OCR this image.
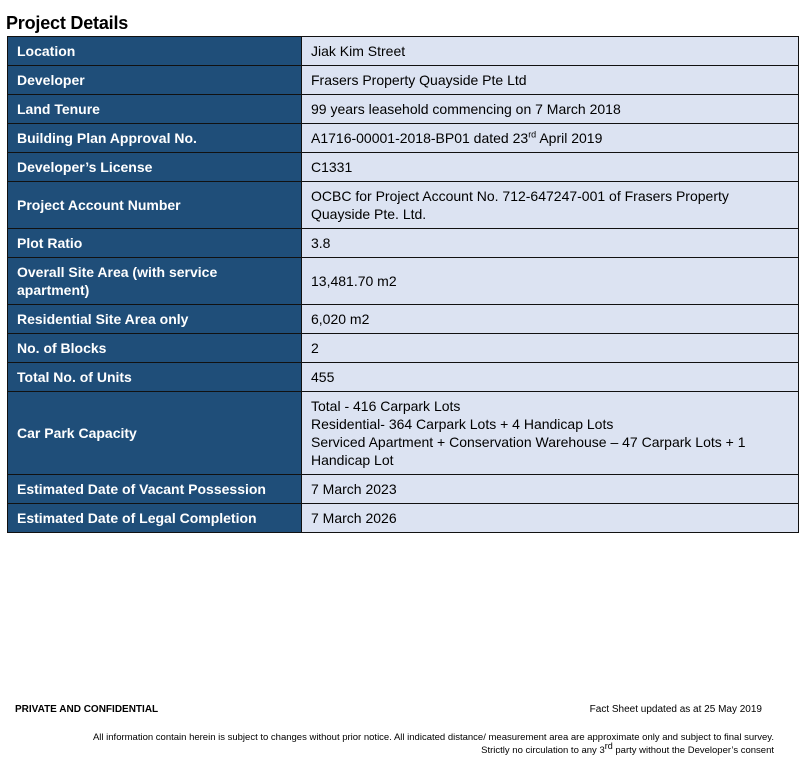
Project Details
Location	Jiak Kim Street
Developer	Frasers Property Quayside Pte Ltd
Land Tenure	99 years leasehold commencing on 7 March 2018
Building Plan Approval No.	A1716-00001-2018-BP01 dated 23rd April 2019
Developer’s License	C1331
Project Account Number	OCBC for Project Account No. 712-647247-001 of Frasers Property Quayside Pte. Ltd.
Plot Ratio	3.8
Overall Site Area (with service apartment)	13,481.70 m2
Residential Site Area only	6,020 m2
No. of Blocks	2
Total No. of Units	455
Car Park Capacity	Total - 416 Carpark Lots
Residential- 364 Carpark Lots + 4 Handicap Lots
Serviced Apartment + Conservation Warehouse – 47 Carpark Lots + 1 Handicap Lot

Estimated Date of Vacant Possession	7 March 2023
Estimated Date of Legal Completion	7 March 2026
PRIVATE AND CONFIDENTIAL	Fact Sheet updated as at 25 May 2019
All information contain herein is subject to changes without prior notice. All indicated distance/ measurement area are approximate only and subject to final survey.
Strictly no circulation to any 3rd party without the Developer’s consent
